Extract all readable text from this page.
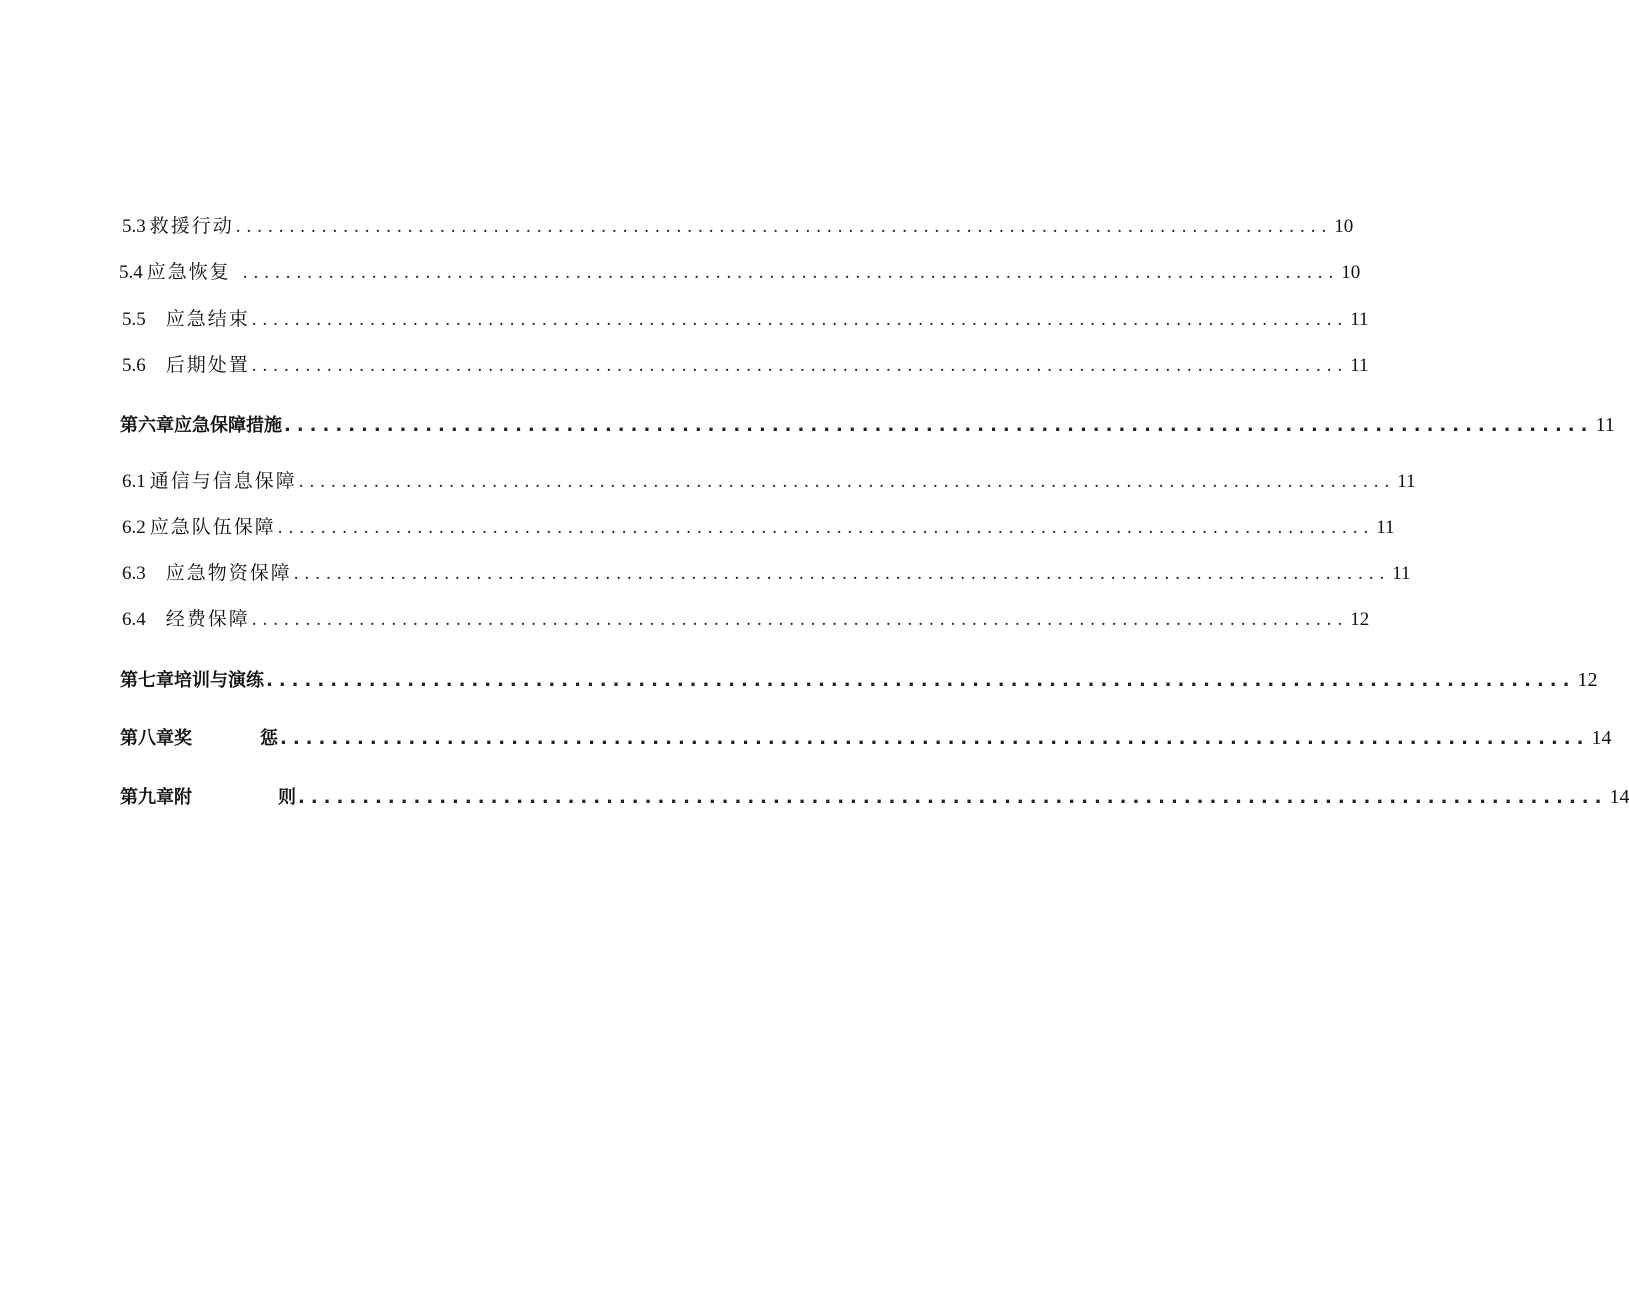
5.3 救援行动 ...................................................................................................... 10
5.4 应急恢复 ...................................................................................................... 10
5.5 应急结束 ...................................................................................................... 11
5.6 后期处置 ...................................................................................................... 11
第六章应急保障措施 ...................................................................................................... 11
6.1 通信与信息保障 ...................................................................................................... 11
6.2 应急队伍保障 ...................................................................................................... 11
6.3 应急物资保障 ...................................................................................................... 11
6.4 经费保障 ...................................................................................................... 12
第七章培训与演练 ...................................................................................................... 12
第八章奖	惩 ...................................................................................................... 14
第九章附	则 ...................................................................................................... 14
